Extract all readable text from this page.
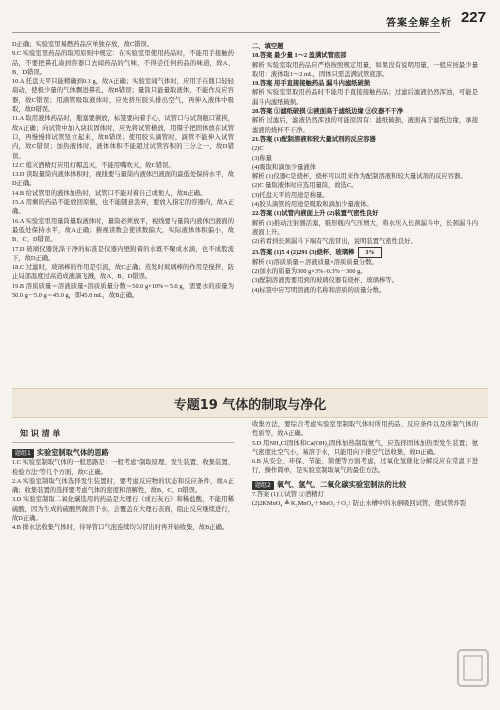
答案全解全析 227

D正确；实验室里易燃药品应单独存放，故C错误。

9.C 实验室里药品的取用原则中规定：在实验室里使用药品时，不能用手接触药品，不要把鼻孔凑到容器口去闻药品的气味，不得尝任何药品的味道，故A、B、D错误。

10.A 托盘天平只能精确到0.1 g，故A正确；实验室闻气体时，应用手在瓶口轻轻扇动，使极少量的气体飘进鼻孔，故B错误；量筒只能量取液体，不能作反应容器，故C错误；用滴管吸取液体时，应先挤压胶头排出空气，再伸入液体中吸取，故D错误。

11.A 取用液体药品时，瓶塞要倒放，标签要向着手心，试管口与试剂瓶口紧挨，故A正确；向试管中加入块状固体时，应先将试管横放，用镊子把固体放在试管口，再慢慢将试管竖立起来，故B错误；使用胶头滴管时，滴管不能伸入试管内，故C错误；加热液体时，液体体积不能超过试管容积的三分之一，故D错误。

12.C 熄灭酒精灯应用灯帽盖灭，不能用嘴吹灭，故C错误。

13.D 读取量筒内液体体积时，视线要与量筒内液体凹液面的最低处保持水平，故D正确。

14.B 给试管里的液体加热时，试管口不能对着自己或他人，故B正确。

15.A 用剩的药品不能放回原瓶，也不能随意丢弃，要放入指定的容器内，故A正确。

16.A 实验室里用量筒量取液体时，量筒必须放平，视线要与量筒内液体凹液面的最低处保持水平，故A正确；俯视读数会使读数偏大，实际液体体积偏小，故B、C、D错误。

17.D 玻璃仪器洗涤干净的标准是仪器内壁附着的水既不聚成水滴，也不成股流下，故D正确。

18.C 过滤时，玻璃棒的作用是引流，故C正确；蒸发时玻璃棒的作用是搅拌，防止局部温度过高造成液滴飞溅，故A、B、D错误。

19.B 溶质质量＝溶液质量×溶质质量分数＝50.0 g×10%＝5.0 g，需要水的质量为50.0 g－5.0 g＝45.0 g，即45.0 mL，故B正确。

二、填空题

18.答案 最少量 1～2 盖满试管底部

解析 实验室取用药品应严格按照规定用量，如果没有说明用量，一般应按最少量取用：液体取1～2 mL，固体只需盖满试管底部。

19.答案 用手直接接触药品 漏斗内滤纸破损

解析 实验室里取用药品时不能用手直接接触药品；过滤后滤液仍然浑浊，可能是漏斗内滤纸破损。

20.答案 ①滤纸破损 ②液面高于滤纸边缘 ③仪器不干净

解析 过滤后，滤液仍然浑浊的可能原因有：滤纸破损，液面高于滤纸边缘，承接滤液的烧杯不干净。

21.答案 (1)配制溶液和较大量试剂的反应容器

(2)C

(3)称量

(4)吸取和滴加少量液体

解析 (1)仪器C是烧杯，烧杯可以用来作为配制溶液和较大量试剂的反应容器。

(2)C 量取液体时应选用量筒，故选C。

(3)托盘天平的用途是称量。

(4)胶头滴管的用途是吸取和滴加少量液体。

22.答案 (1)试管内液面上升 (2)装置气密性良好

解析 (1)推动注射器活塞，锥形瓶内气压增大，将水压入长颈漏斗中，长颈漏斗内液面上升。

(2)若看到长颈漏斗下端有气泡冒出，说明装置气密性良好。

23.答案 (1)5 4 (2)291 (3)烧杯、玻璃棒 3%

解析 (1)溶质质量＝溶液质量×溶质质量分数。

(2)加水的质量为300 g×3%÷0.3%－300 g。

(3)配制溶液需要用到的玻璃仪器有烧杯、玻璃棒等。

(4)标签中应写明溶液的名称和溶质的质量分数。

专题19 气体的制取与净化
知 识 清 单

题组1 实验室制取气体的思路

1.C 实验室制取气体的一般思路是：一般考虑"制取原理、发生装置、收集装置、检验方法"等几个方面，故C正确。

2.A 实验室制取气体选择发生装置时，要考虑反应物的状态和反应条件，故A正确；收集装置的选择要考虑气体的密度和溶解性，故B、C、D错误。

3.D 实验室制取二氧化碳选用的药品是大理石（或石灰石）和稀盐酸，不能用稀硫酸，因为生成的硫酸钙微溶于水，会覆盖在大理石表面，阻止反应继续进行，故D正确。

4.B 排水法收集气体时，待导管口气泡连续均匀冒出时再开始收集，故B正确。

收集方法，要综合考虑实验室里制取气体时所用药品、反应条件以及所制气体的性质等，故A正确。

5.D 用NH₄Cl固体和Ca(OH)₂固体加热制取氨气，应选择固体加热型发生装置；氨气密度比空气小，易溶于水，只能用向下排空气法收集，故D正确。

6.B 从安全、环保、节能、简便等方面考虑，过氧化氢催化分解反应在常温下进行，操作简单，是实验室制取氧气的最佳方法。

题组2 氧气、氢气、二氧化碳实验室制法的比较

7.答案 (1)①试管 ②酒精灯

(2)2KMnO₄ ≜ K₂MnO₄＋MnO₂＋O₂↑ 防止水槽中的水倒吸回试管，使试管炸裂
